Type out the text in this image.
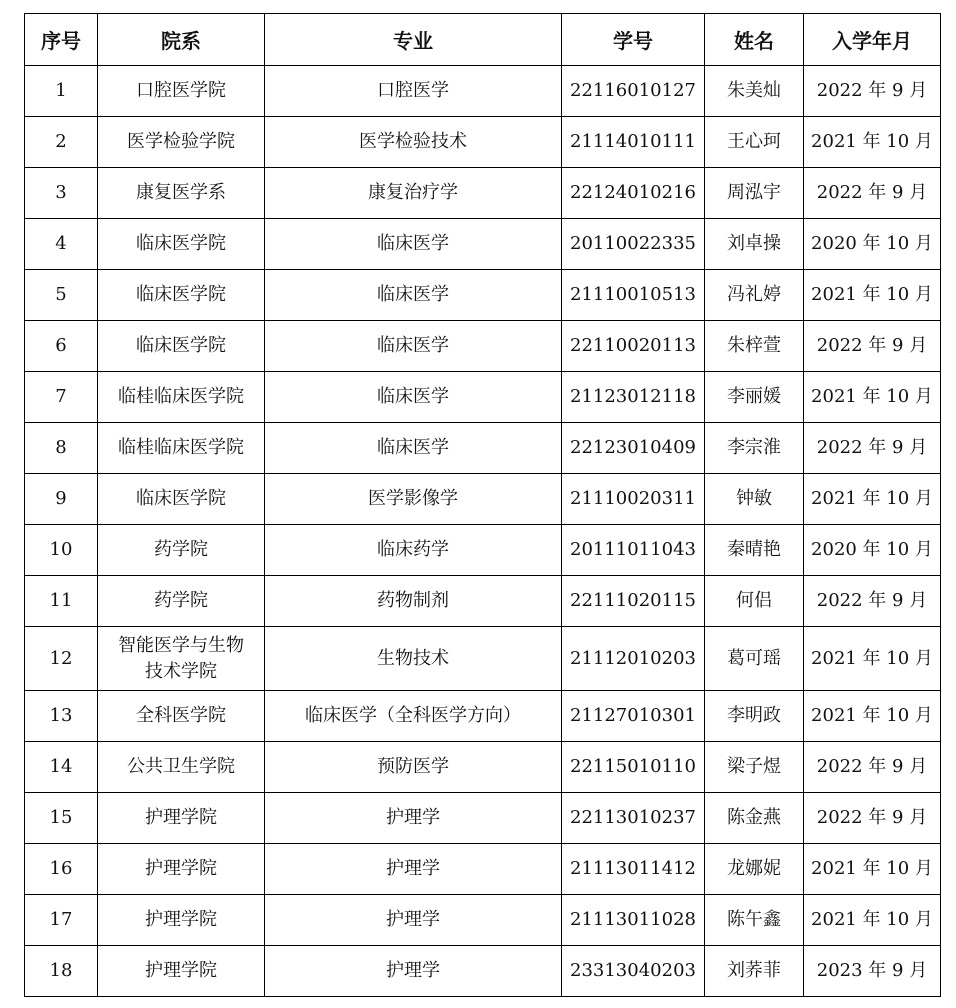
序号	院系	专业	学号	姓名	入学年月
1	口腔医学院	口腔医学	22116010127	朱美灿	2022 年 9 月
2	医学检验学院	医学检验技术	21114010111	王心珂	2021 年 10 月
3	康复医学系	康复治疗学	22124010216	周泓宇	2022 年 9 月
4	临床医学院	临床医学	20110022335	刘卓操	2020 年 10 月
5	临床医学院	临床医学	21110010513	冯礼婷	2021 年 10 月
6	临床医学院	临床医学	22110020113	朱梓萱	2022 年 9 月
7	临桂临床医学院	临床医学	21123012118	李丽媛	2021 年 10 月
8	临桂临床医学院	临床医学	22123010409	李宗淮	2022 年 9 月
9	临床医学院	医学影像学	21110020311	钟敏	2021 年 10 月
10	药学院	临床药学	20111011043	秦晴艳	2020 年 10 月
11	药学院	药物制剂	22111020115	何侣	2022 年 9 月
12	智能医学与生物
技术学院	生物技术	21112010203	葛可瑶	2021 年 10 月
13	全科医学院	临床医学（全科医学方向）	21127010301	李明政	2021 年 10 月
14	公共卫生学院	预防医学	22115010110	梁子煜	2022 年 9 月
15	护理学院	护理学	22113010237	陈金燕	2022 年 9 月
16	护理学院	护理学	21113011412	龙娜妮	2021 年 10 月
17	护理学院	护理学	21113011028	陈午鑫	2021 年 10 月
18	护理学院	护理学	23313040203	刘荞菲	2023 年 9 月
